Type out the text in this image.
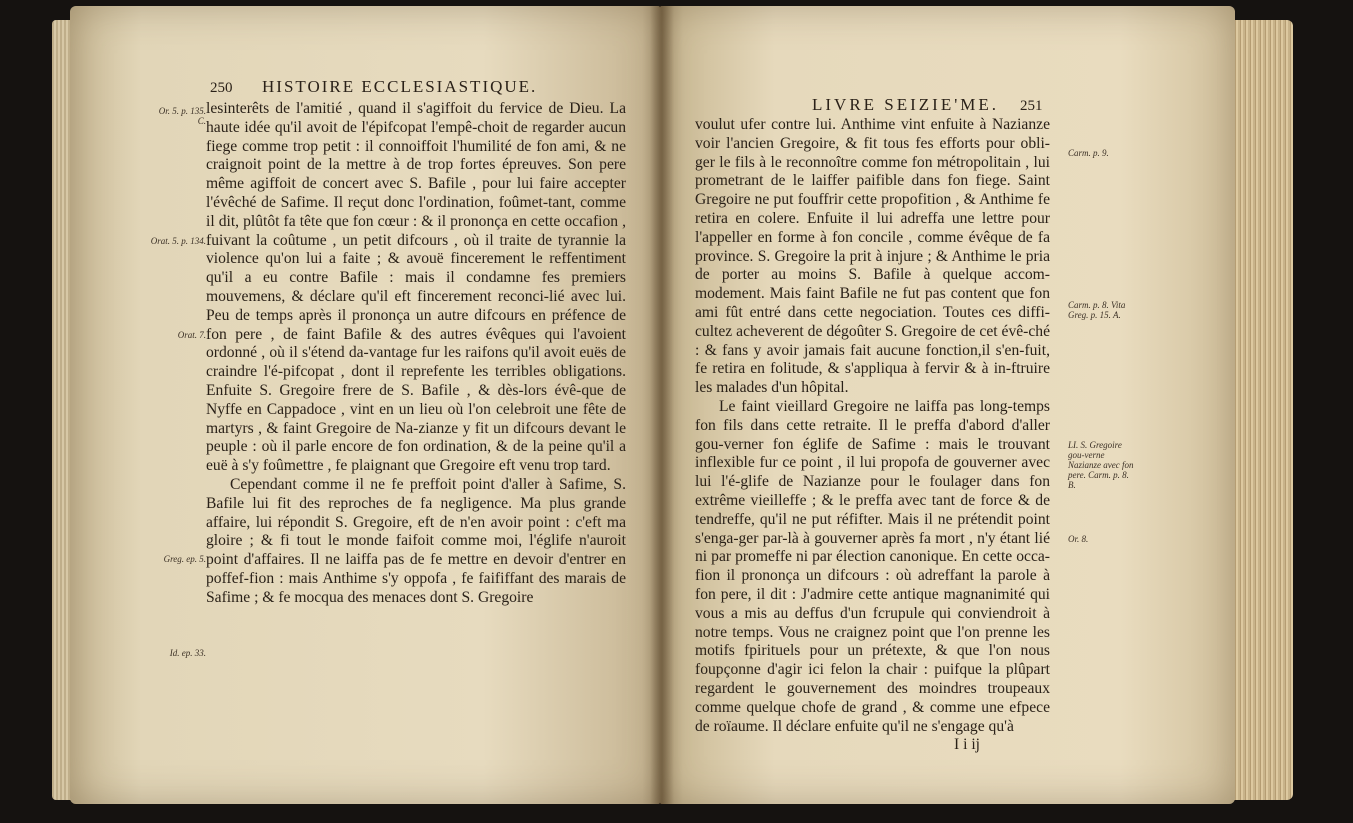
250 HISTOIRE ECCLESIASTIQUE.
Or. 5. p. 135. C.
Orat. 5. p. 134.
Orat. 7.
Greg. ep. 5.
Id. ep. 33.

lesinterêts de l'amitié , quand il s'agiffoit du fervice de Dieu. La haute idée qu'il avoit de l'épifcopat l'empê-choit de regarder aucun fiege comme trop petit : il connoiffoit l'humilité de fon ami, & ne craignoit point de la mettre à de trop fortes épreuves. Son pere même agiffoit de concert avec S. Bafile , pour lui faire accepter l'évêché de Safime. Il reçut donc l'ordination, foûmet-tant, comme il dit, plûtôt fa tête que fon cœur : & il prononça en cette occafion , fuivant la coûtume , un petit difcours , où il traite de tyrannie la violence qu'on lui a faite ; & avouë fincerement le reffentiment qu'il a eu contre Bafile : mais il condamne fes premiers mouvemens, & déclare qu'il eft fincerement reconci-lié avec lui. Peu de temps après il prononça un autre difcours en préfence de fon pere , de faint Bafile & des autres évêques qui l'avoient ordonné , où il s'étend da-vantage fur les raifons qu'il avoit euës de craindre l'é-pifcopat , dont il reprefente les terribles obligations. Enfuite S. Gregoire frere de S. Bafile , & dès-lors évê-que de Nyffe en Cappadoce , vint en un lieu où l'on celebroit une fête de martyrs , & faint Gregoire de Na-zianze y fit un difcours devant le peuple : où il parle encore de fon ordination, & de la peine qu'il a euë à s'y foûmettre , fe plaignant que Gregoire eft venu trop tard.

Cependant comme il ne fe preffoit point d'aller à Safime, S. Bafile lui fit des reproches de fa negligence. Ma plus grande affaire, lui répondit S. Gregoire, eft de n'en avoir point : c'eft ma gloire ; & fi tout le monde faifoit comme moi, l'églife n'auroit point d'affaires. Il ne laiffa pas de fe mettre en devoir d'entrer en poffef-fion : mais Anthime s'y oppofa , fe faififfant des marais de Safime ; & fe mocqua des menaces dont S. Gregoire

LIVRE SEIZIE'ME. 251
Carm. p. 9.
Carm. p. 8. Vita Greg. p. 15. A.
LI. S. Gregoire gou-verne Nazianze avec fon pere. Carm. p. 8. B.
Or. 8.

voulut ufer contre lui. Anthime vint enfuite à Nazianze voir l'ancien Gregoire, & fit tous fes efforts pour obli-ger le fils à le reconnoître comme fon métropolitain , lui prometrant de le laiffer paifible dans fon fiege. Saint Gregoire ne put fouffrir cette propofition , & Anthime fe retira en colere. Enfuite il lui adreffa une lettre pour l'appeller en forme à fon concile , comme évêque de fa province. S. Gregoire la prit à injure ; & Anthime le pria de porter au moins S. Bafile à quelque accom-modement. Mais faint Bafile ne fut pas content que fon ami fût entré dans cette negociation. Toutes ces diffi-cultez acheverent de dégoûter S. Gregoire de cet évê-ché : & fans y avoir jamais fait aucune fonction,il s'en-fuit, fe retira en folitude, & s'appliqua à fervir & à in-ftruire les malades d'un hôpital.

Le faint vieillard Gregoire ne laiffa pas long-temps fon fils dans cette retraite. Il le preffa d'abord d'aller gou-verner fon églife de Safime : mais le trouvant inflexible fur ce point , il lui propofa de gouverner avec lui l'é-glife de Nazianze pour le foulager dans fon extrême vieilleffe ; & le preffa avec tant de force & de tendreffe, qu'il ne put réfifter. Mais il ne prétendit point s'enga-ger par-là à gouverner après fa mort , n'y étant lié ni par promeffe ni par élection canonique. En cette occa-fion il prononça un difcours : où adreffant la parole à fon pere, il dit : J'admire cette antique magnanimité qui vous a mis au deffus d'un fcrupule qui conviendroit à notre temps. Vous ne craignez point que l'on prenne les motifs fpirituels pour un prétexte, & que l'on nous foupçonne d'agir ici felon la chair : puifque la plûpart regardent le gouvernement des moindres troupeaux comme quelque chofe de grand , & comme une efpece de roïaume. Il déclare enfuite qu'il ne s'engage qu'à

I i ij
